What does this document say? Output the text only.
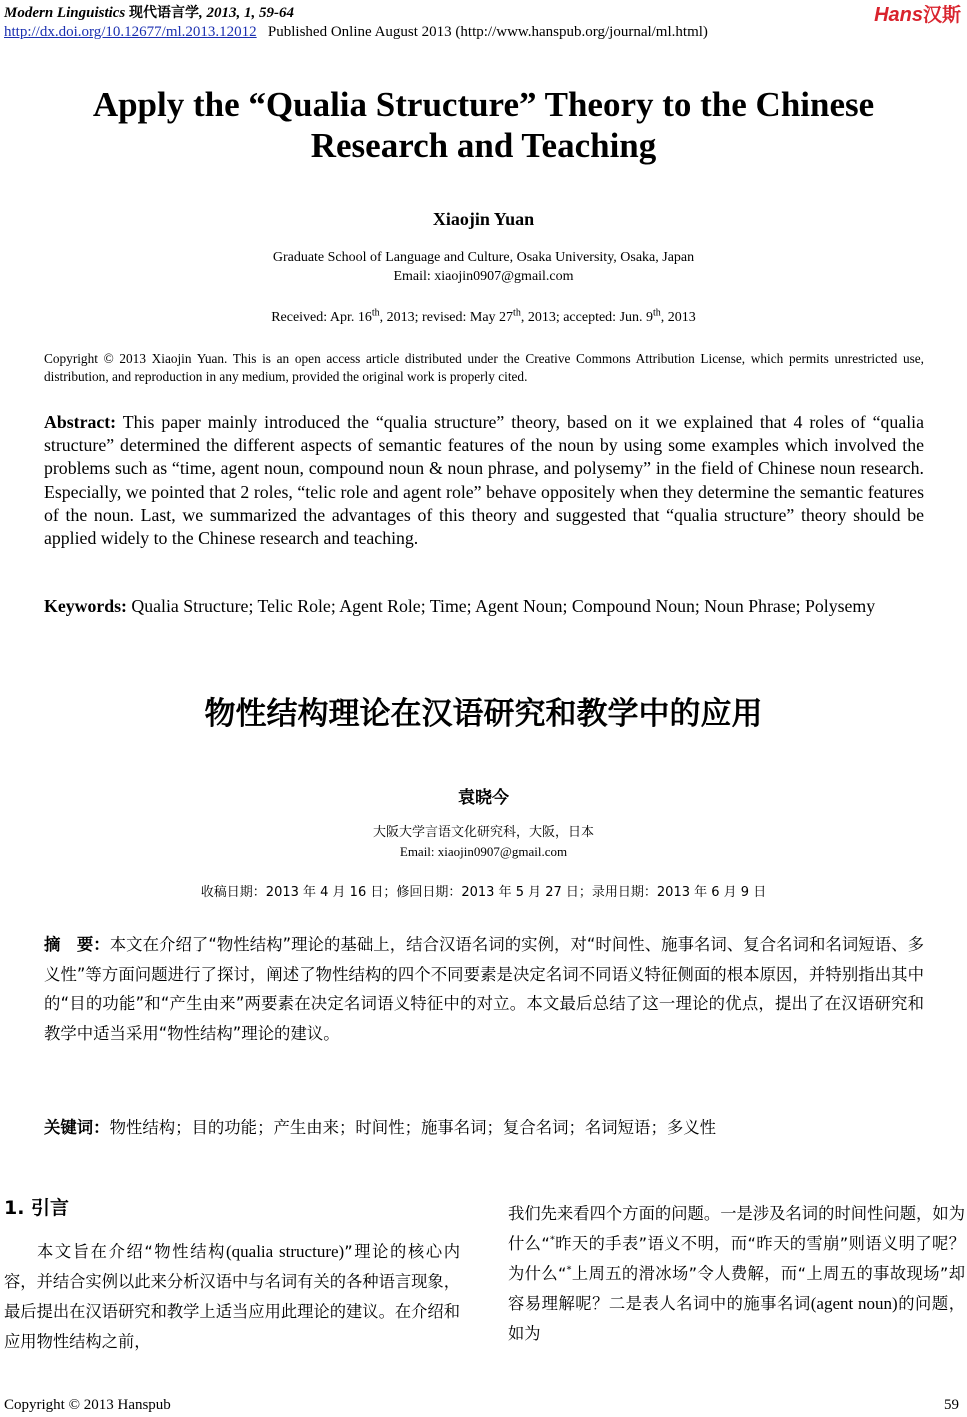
Modern Linguistics 现代语言学, 2013, 1, 59-64	Hans汉斯
http://dx.doi.org/10.12677/ml.2013.12012 Published Online August 2013 (http://www.hanspub.org/journal/ml.html)
Apply the “Qualia Structure” Theory to the Chinese Research and Teaching
Xiaojin Yuan
Graduate School of Language and Culture, Osaka University, Osaka, Japan
Email: xiaojin0907@gmail.com
Received: Apr. 16th, 2013; revised: May 27th, 2013; accepted: Jun. 9th, 2013
Copyright © 2013 Xiaojin Yuan. This is an open access article distributed under the Creative Commons Attribution License, which permits unrestricted use, distribution, and reproduction in any medium, provided the original work is properly cited.
Abstract: This paper mainly introduced the “qualia structure” theory, based on it we explained that 4 roles of “qualia structure” determined the different aspects of semantic features of the noun by using some examples which involved the problems such as “time, agent noun, compound noun & noun phrase, and polysemy” in the field of Chinese noun research. Especially, we pointed that 2 roles, “telic role and agent role” behave oppositely when they determine the semantic features of the noun. Last, we summarized the advantages of this theory and suggested that “qualia structure” theory should be applied widely to the Chinese research and teaching.
Keywords:
Qualia Structure; Telic Role; Agent Role; Time; Agent Noun; Compound Noun; Noun Phrase; Polysemy
物性结构理论在汉语研究和教学中的应用
袁晓今
大阪大学言语文化研究科，大阪，日本
Email: xiaojin0907@gmail.com
收稿日期：2013 年 4 月 16 日；修回日期：2013 年 5 月 27 日；录用日期：2013 年 6 月 9 日
摘　要：本文在介绍了“物性结构”理论的基础上，结合汉语名词的实例，对“时间性、施事名词、复合名词和名词短语、多义性”等方面问题进行了探讨，阐述了物性结构的四个不同要素是决定名词不同语义特征侧面的根本原因，并特别指出其中的“目的功能”和“产生由来”两要素在决定名词语义特征中的对立。本文最后总结了这一理论的优点，提出了在汉语研究和教学中适当采用“物性结构”理论的建议。
关键词：物性结构；目的功能；产生由来；时间性；施事名词；复合名词；名词短语；多义性
1. 引言
本文旨在介绍“物性结构(qualia structure)”理论的核心内容，并结合实例以此来分析汉语中与名词有关的各种语言现象，最后提出在汉语研究和教学上适当应用此理论的建议。在介绍和应用物性结构之前，
我们先来看四个方面的问题。一是涉及名词的时间性问题，如为什么“*昨天的手表”语义不明，而“昨天的雪崩”则语义明了呢？为什么“*上周五的滑冰场”令人费解，而“上周五的事故现场”却容易理解呢？二是表人名词中的施事名词(agent noun)的问题，如为
Copyright © 2013 Hanspub	59
